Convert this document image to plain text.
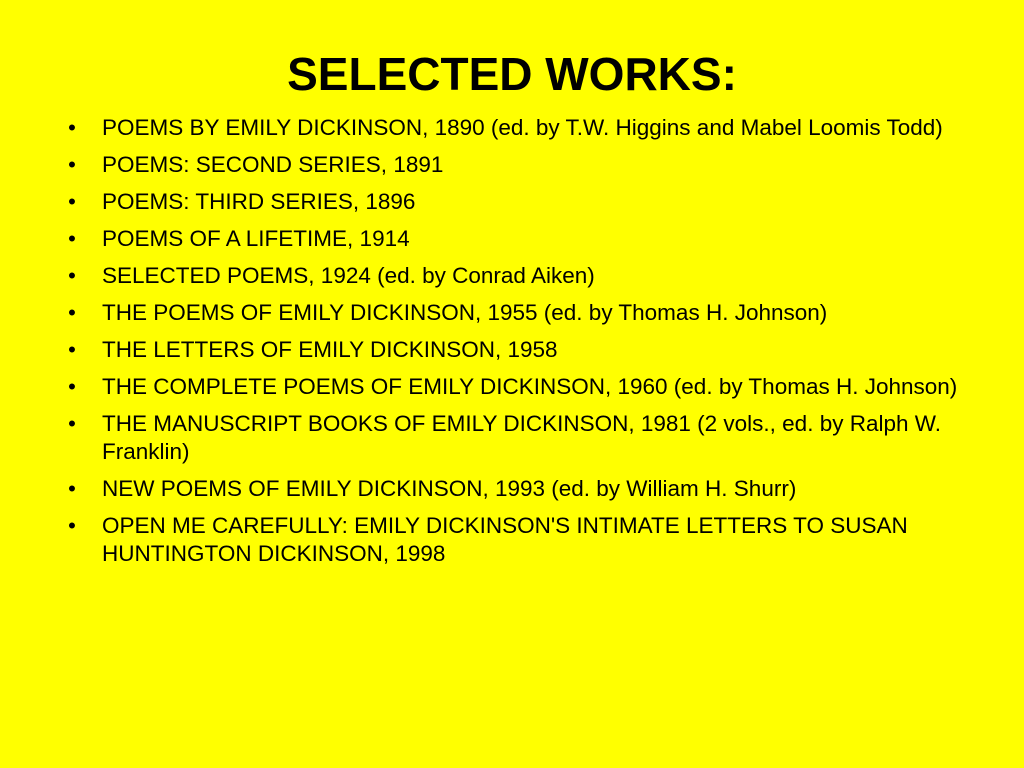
SELECTED WORKS:
• POEMS BY EMILY DICKINSON, 1890 (ed. by T.W. Higgins and Mabel Loomis Todd)
• POEMS: SECOND SERIES, 1891
• POEMS: THIRD SERIES, 1896
• POEMS OF A LIFETIME, 1914
• SELECTED POEMS, 1924 (ed. by Conrad Aiken)
• THE POEMS OF EMILY DICKINSON, 1955 (ed. by Thomas H. Johnson)
• THE LETTERS OF EMILY DICKINSON, 1958
• THE COMPLETE POEMS OF EMILY DICKINSON, 1960 (ed. by Thomas H. Johnson)
• THE MANUSCRIPT BOOKS OF EMILY DICKINSON, 1981 (2 vols., ed. by Ralph W. Franklin)
• NEW POEMS OF EMILY DICKINSON, 1993 (ed. by William H. Shurr)
• OPEN ME CAREFULLY: EMILY DICKINSON'S INTIMATE LETTERS TO SUSAN HUNTINGTON DICKINSON, 1998
